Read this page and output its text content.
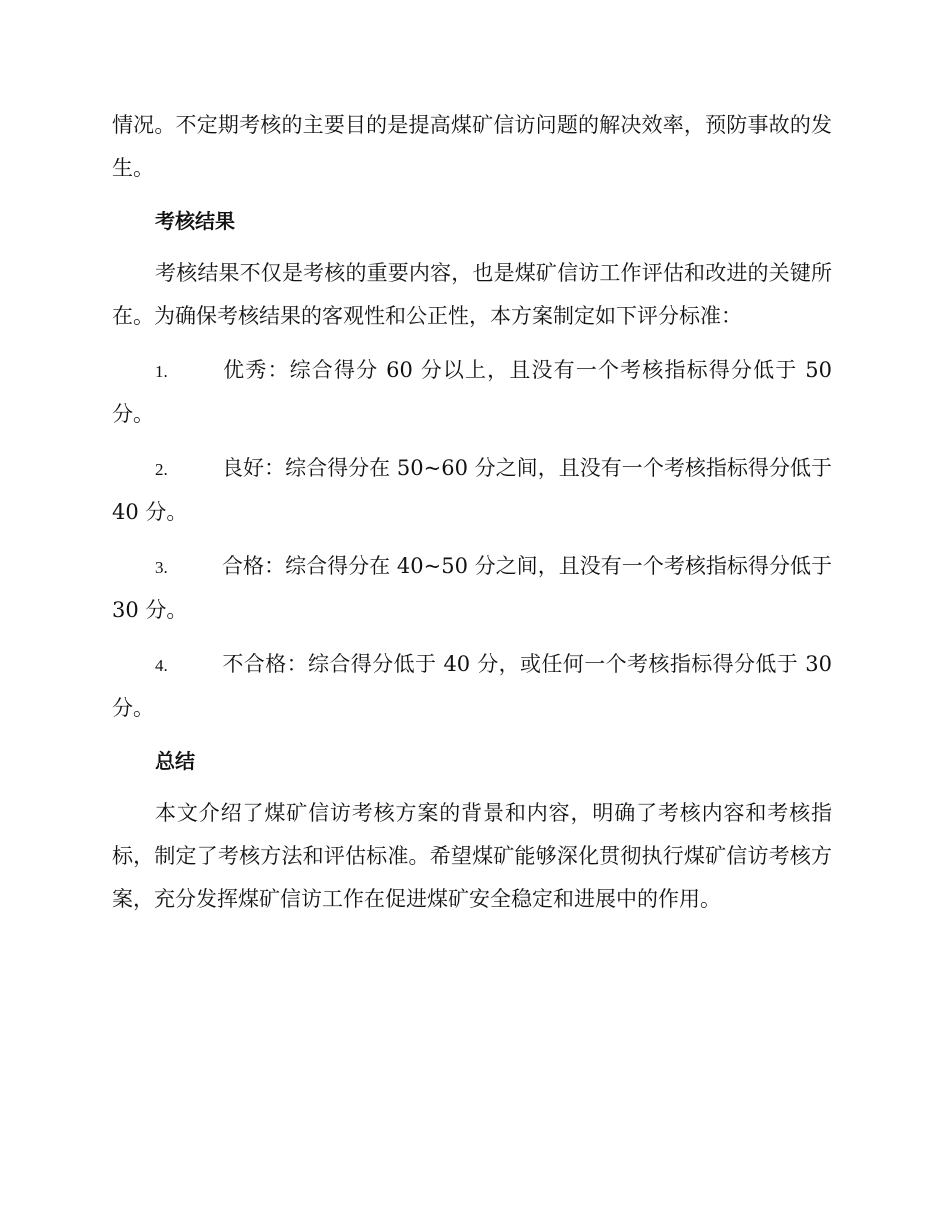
情况。不定期考核的主要目的是提高煤矿信访问题的解决效率，预防事故的发生。

考核结果

考核结果不仅是考核的重要内容，也是煤矿信访工作评估和改进的关键所在。为确保考核结果的客观性和公正性，本方案制定如下评分标准：

1.	优秀：综合得分 60 分以上，且没有一个考核指标得分低于 50 分。

2.	良好：综合得分在 50~60 分之间，且没有一个考核指标得分低于 40 分。

3.	合格：综合得分在 40~50 分之间，且没有一个考核指标得分低于 30 分。

4.	不合格：综合得分低于 40 分，或任何一个考核指标得分低于 30 分。

总结

本文介绍了煤矿信访考核方案的背景和内容，明确了考核内容和考核指标，制定了考核方法和评估标准。希望煤矿能够深化贯彻执行煤矿信访考核方案，充分发挥煤矿信访工作在促进煤矿安全稳定和进展中的作用。
